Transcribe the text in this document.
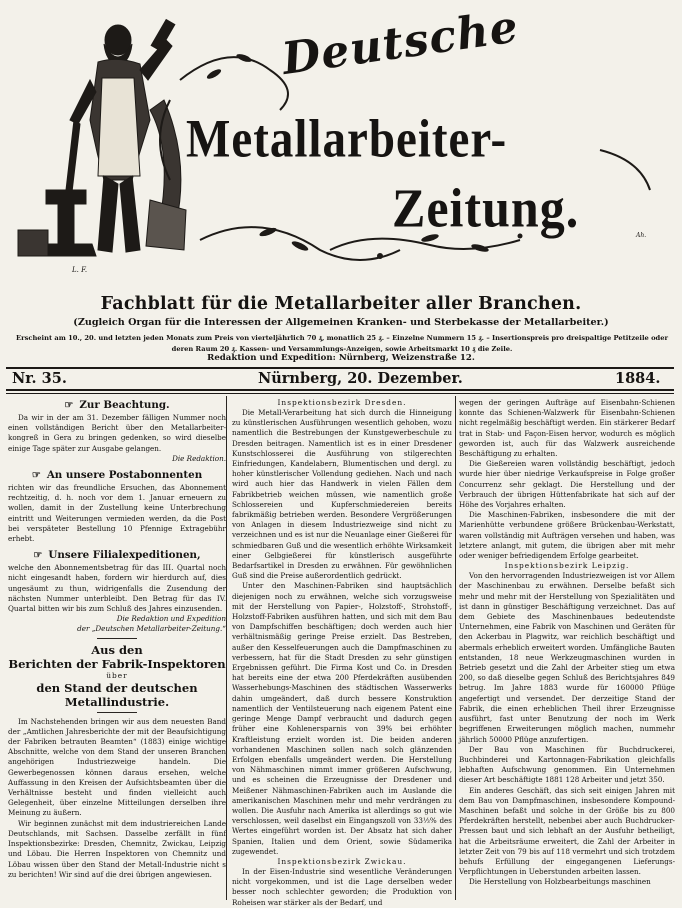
Deutsche
Metallarbeiter-
Zeitung.
L. F.
Ah.
Fachblatt für die Metallarbeiter aller Branchen.
(Zugleich Organ für die Interessen der Allgemeinen Kranken- und Sterbekasse der Metallarbeiter.)
Erscheint am 10., 20. und letzten jeden Monats zum Preis von vierteljährlich 70 ₰, monatlich 25 ₰. – Einzelne Nummern 15 ₰. – Insertionspreis pro dreispaltige Petitzeile oder deren Raum 20 ₰. Kassen- und Versammlungs-Anzeigen, sowie Arbeitsmarkt 10 ₰ die Zeile.
Redaktion und Expedition: Nürnberg, Weizenstraße 12.
Nr. 35.	Nürnberg, 20. Dezember.	1884.
☞ Zur Beachtung.

Da wir in der am 31. Dezember fälligen Nummer noch einen vollständigen Bericht über den Metallarbeiter-kongreß in Gera zu bringen gedenken, so wird dieselbe einige Tage später zur Ausgabe gelangen.

Die Redaktion.
☞ An unsere Postabonnenten

richten wir das freundliche Ersuchen, das Abonnement rechtzeitig, d. h. noch vor dem 1. Januar erneuern zu wollen, damit in der Zustellung keine Unterbrechung eintritt und Weiterungen vermieden werden, da die Post bei verspäteter Bestellung 10 Pfennige Extragebühr erhebt.

☞ Unsere Filialexpeditionen,

welche den Abonnementsbetrag für das III. Quartal noch nicht eingesandt haben, fordern wir hierdurch auf, dies ungesäumt zu thun, widrigenfalls die Zusendung der nächsten Nummer unterbleibt. Den Betrag für das IV. Quartal bitten wir bis zum Schluß des Jahres einzusenden.

Die Redaktion und Expedition
der „Deutschen Metallarbeiter-Zeitung.“
Aus den
Berichten der Fabrik-Inspektoren
über
den Stand der deutschen Metallindustrie.

Im Nachstehenden bringen wir aus dem neuesten Band der „Amtlichen Jahresberichte der mit der Beaufsichtigung der Fabriken betrauten Beamten“ (1883) einige wichtige Abschnitte, welche von dem Stand der unseren Branchen angehörigen Industriezweige handeln. Die Gewerbegenossen können daraus ersehen, welche Auffassung in den Kreisen der Aufsichtsbeamten über die Verhältnisse besteht und finden vielleicht auch Gelegenheit, über einzelne Mitteilungen derselben ihre Meinung zu äußern.

Wir beginnen zunächst mit dem industriereichen Lande Deutschlands, mit Sachsen. Dasselbe zerfällt in fünf Inspektionsbezirke: Dresden, Chemnitz, Zwickau, Leipzig und Löbau. Die Herren Inspektoren von Chemnitz und Löbau wissen über den Stand der Metall-Industrie nicht s zu berichten! Wir sind auf die drei übrigen angewiesen.

Inspektionsbezirk Dresden.

Die Metall-Verarbeitung hat sich durch die Hinneigung zu künstlerischen Ausführungen wesentlich gehoben, wozu namentlich die Bestrebungen der Kunstgewerbeschule zu Dresden beitragen. Namentlich ist es in einer Dresdener Kunstschlosserei die Ausführung von stilgerechten Einfriedungen, Kandelabern, Blumentischen und dergl. zu hoher künstlerischer Vollendung gediehen. Nach und nach wird auch hier das Handwerk in vielen Fällen dem Fabrikbetrieb weichen müssen, wie namentlich große Schlossereien und Kupferschmiedereien bereits fabrikmäßig betrieben werden. Besondere Vergrößerungen von Anlagen in diesem Industriezweige sind nicht zu verzeichnen und es ist nur die Neuanlage einer Gießerei für schmiedbaren Guß und die wesentlich erhöhte Wirksamkeit einer Gelbgießerei für künstlerisch ausgeführte Bedarfsartikel in Dresden zu erwähnen. Für gewöhnlichen Guß sind die Preise außerordentlich gedrückt.

Unter den Maschinen-Fabriken sind hauptsächlich diejenigen noch zu erwähnen, welche sich vorzugsweise mit der Herstellung von Papier-, Holzstoff-, Strohstoff-, Holzstoff-Fabriken ausführen hatten, und sich mit dem Bau von Dampfschiffen beschäftigen; doch werden auch hier verhältnismäßig geringe Preise erzielt. Das Bestreben, außer den Kesselfeuerungen auch die Dampfmaschinen zu verbessern, hat für die Stadt Dresden zu sehr günstigen Ergebnissen geführt. Die Firma Kost und Co. in Dresden hat bereits eine der etwa 200 Pferdekräften ausübenden Wasserhebungs-Maschinen des städtischen Wasserwerks dahin umgeändert, daß durch bessere Konstruktion namentlich der Ventilsteuerung nach eigenem Patent eine geringe Menge Dampf verbraucht und dadurch gegen früher eine Kohlenersparnis von 39% bei erhöhter Kraftleistung erzielt worden ist. Die beiden anderen vorhandenen Maschinen sollen nach solch glänzenden Erfolgen ebenfalls umgeändert werden. Die Herstellung von Nähmaschinen nimmt immer größeren Aufschwung, und es scheinen die Erzeugnisse der Dresdener und Meißener Nähmaschinen-Fabriken auch im Auslande die amerikanischen Maschinen mehr und mehr verdrängen zu wollen. Die Ausfuhr nach Amerika ist allerdings so gut wie verschlossen, weil daselbst ein Eingangszoll von 33⅓% des Wertes eingeführt worden ist. Der Absatz hat sich daher Spanien, Italien und dem Orient, sowie Südamerika zugewendet.

Inspektionsbezirk Zwickau.

In der Eisen-Industrie sind wesentliche Veränderungen nicht vorgekommen, und ist die Lage derselben weder besser noch schlechter geworden; die Produktion von Roheisen war stärker als der Bedarf, und

wegen der geringen Aufträge auf Eisenbahn-Schienen konnte das Schienen-Walzwerk für Eisenbahn-Schienen nicht regelmäßig beschäftigt werden. Ein stärkerer Bedarf trat in Stab- und Façon-Eisen hervor, wodurch es möglich geworden ist, auch für das Walzwerk ausreichende Beschäftigung zu erhalten.

Die Gießereien waren vollständig beschäftigt, jedoch wurde hier über niedrige Verkaufspreise in Folge großer Concurrenz sehr geklagt. Die Herstellung und der Verbrauch der übrigen Hüttenfabrikate hat sich auf der Höhe des Vorjahres erhalten.

Die Maschinen-Fabriken, insbesondere die mit der Marienhütte verbundene größere Brückenbau-Werkstatt, waren vollständig mit Aufträgen versehen und haben, was letztere anlangt, mit gutem, die übrigen aber mit mehr oder weniger befriedigendem Erfolge gearbeitet.

Inspektionsbezirk Leipzig.

Von den hervorragenden Industriezweigen ist vor Allem der Maschinenbau zu erwähnen. Derselbe befaßt sich mehr und mehr mit der Herstellung von Spezialitäten und ist dann in günstiger Beschäftigung verzeichnet. Das auf dem Gebiete des Maschinenbaues bedeutendste Unternehmen, eine Fabrik von Maschinen und Geräten für den Ackerbau in Plagwitz, war reichlich beschäftigt und abermals erheblich erweitert worden. Umfängliche Bauten entstanden, 18 neue Werkzeugmaschinen wurden in Betrieb gesetzt und die Zahl der Arbeiter stieg um etwa 200, so daß dieselbe gegen Schluß des Berichtsjahres 849 betrug. Im Jahre 1883 wurde für 160000 Pflüge angefertigt und versendet. Der derzeitige Stand der Fabrik, die einen erheblichen Theil ihrer Erzeugnisse ausführt, fast unter Benutzung der noch im Werk begriffenen Erweiterungen möglich machen, nummehr jährlich 50000 Pflüge anzufertigen.

Der Bau von Maschinen für Buchdruckerei, Buchbinderei und Kartonnagen-Fabrikation gleichfalls lebhaften Aufschwung genommen. Ein Unternehmen dieser Art beschäftigte 1881 128 Arbeiter und jetzt 350.

Ein anderes Geschäft, das sich seit einigen Jahren mit dem Bau von Dampfmaschinen, insbesondere Kompound-Maschinen befaßt und solche in der Größe bis zu 800 Pferdekräften herstellt, nebenbei aber auch Buchdrucker-Pressen baut und sich lebhaft an der Ausfuhr betheiligt, hat die Arbeitsräume erweitert, die Zahl der Arbeiter in letzter Zeit von 79 bis auf 118 vermehrt und sich trotzdem behufs Erfüllung der eingegangenen Lieferungs-Verpflichtungen in Ueberstunden arbeiten lassen.

Die Herstellung von Holzbearbeitungs maschinen
